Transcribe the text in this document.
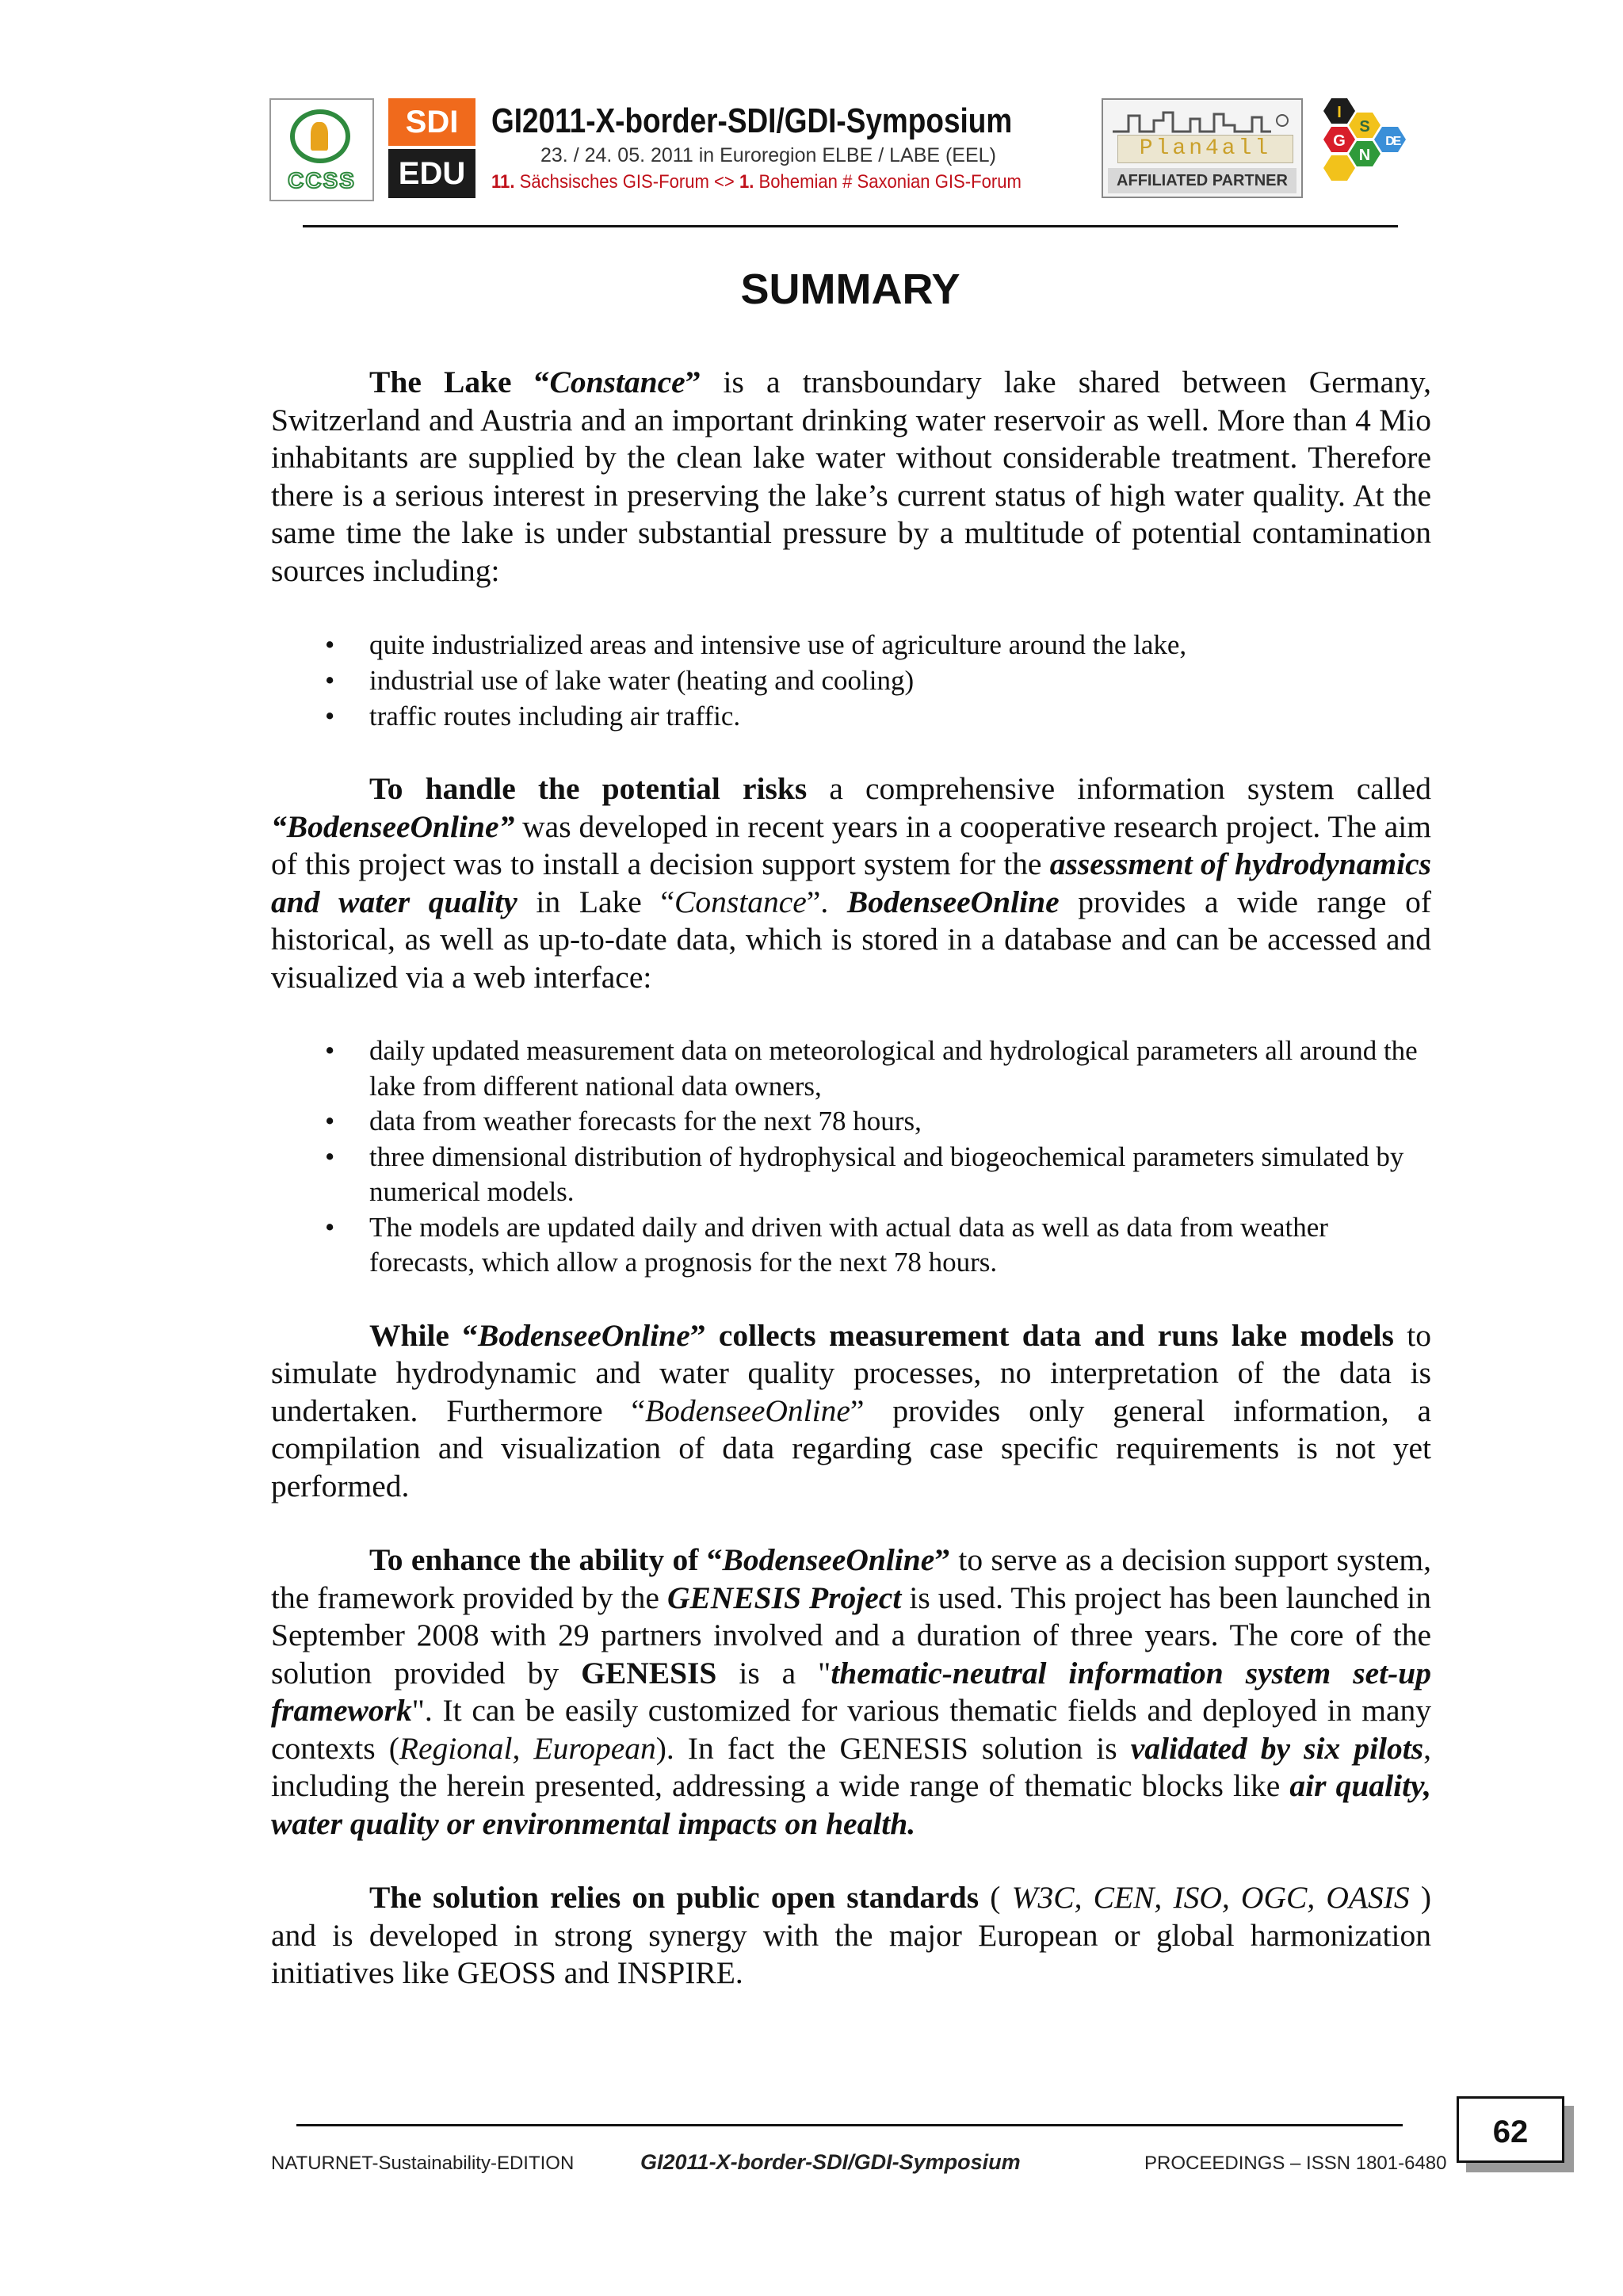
CCSS
SDI
EDU
GI2011-X-border-SDI/GDI-Symposium
23. / 24. 05. 2011 in Euroregion ELBE / LABE (EEL)
11. Sächsisches GIS-Forum <> 1. Bohemian # Saxonian GIS-Forum
Plan4all
AFFILIATED PARTNER
I
G
S
D
E
N
SUMMARY

The Lake “Constance” is a transboundary lake shared between Germany, Switzerland and Austria and an important drinking water reservoir as well. More than 4 Mio inhabitants are supplied by the clean lake water without considerable treatment. Therefore there is a serious interest in preserving the lake’s current status of high water quality. At the same time the lake is under substantial pressure by a multitude of potential contamination sources including:

• quite industrialized areas and intensive use of agriculture around the lake,
• industrial use of lake water (heating and cooling)
• traffic routes including air traffic.

To handle the potential risks a comprehensive information system called “BodenseeOnline” was developed in recent years in a cooperative research project. The aim of this project was to install a decision support system for the assessment of hydrodynamics and water quality in Lake “Constance”. BodenseeOnline provides a wide range of historical, as well as up-to-date data, which is stored in a database and can be accessed and visualized via a web interface:

• daily updated measurement data on meteorological and hydrological parameters all around the lake from different national data owners,
• data from weather forecasts for the next 78 hours,
• three dimensional distribution of hydrophysical and biogeochemical parameters simulated by numerical models.
• The models are updated daily and driven with actual data as well as data from weather forecasts, which allow a prognosis for the next 78 hours.

While “BodenseeOnline” collects measurement data and runs lake models to simulate hydrodynamic and water quality processes, no interpretation of the data is undertaken. Furthermore “BodenseeOnline” provides only general information, a compilation and visualization of data regarding case specific requirements is not yet performed.

To enhance the ability of “BodenseeOnline” to serve as a decision support system, the framework provided by the GENESIS Project is used. This project has been launched in September 2008 with 29 partners involved and a duration of three years. The core of the solution provided by GENESIS is a "thematic-neutral information system set-up framework". It can be easily customized for various thematic fields and deployed in many contexts (Regional, European). In fact the GENESIS solution is validated by six pilots, including the herein presented, addressing a wide range of thematic blocks like air quality, water quality or environmental impacts on health.

The solution relies on public open standards ( W3C, CEN, ISO, OGC, OASIS ) and is developed in strong synergy with the major European or global harmonization initiatives like GEOSS and INSPIRE.

62
NATURNET-Sustainability-EDITION	GI2011-X-border-SDI/GDI-Symposium	PROCEEDINGS – ISSN 1801-6480
